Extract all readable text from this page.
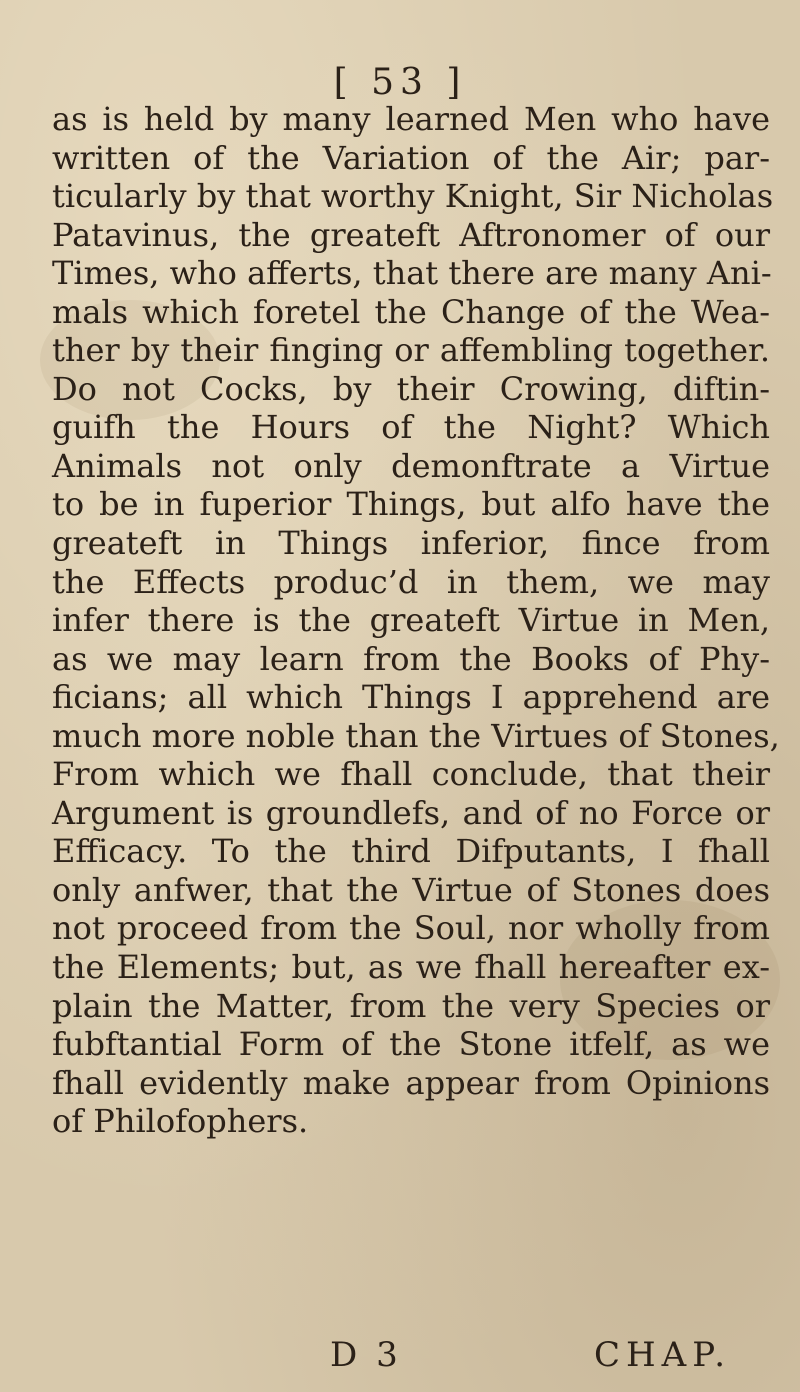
[ 53 ]
as is held by many learned Men who have
written of the Variation of the Air; par-
ticularly by that worthy Knight, Sir Nicholas
Patavinus, the greateft Aftronomer of our
Times, who afferts, that there are many Ani-
mals which foretel the Change of the Wea-
ther by their finging or affembling together.
Do not Cocks, by their Crowing, diftin-
guifh the Hours of the Night? Which
Animals not only demonftrate a Virtue
to be in fuperior Things, but alfo have the
greateft in Things inferior, fince from
the Effects produc’d in them, we may
infer there is the greateft Virtue in Men,
as we may learn from the Books of Phy-
ficians; all which Things I apprehend are
much more noble than the Virtues of Stones,
From which we fhall conclude, that their
Argument is groundlefs, and of no Force or
Efficacy. To the third Difputants, I fhall
only anfwer, that the Virtue of Stones does
not proceed from the Soul, nor wholly from
the Elements; but, as we fhall hereafter ex-
plain the Matter, from the very Species or
fubftantial Form of the Stone itfelf, as we
fhall evidently make appear from Opinions
of Philofophers.
D 3	CHAP.
